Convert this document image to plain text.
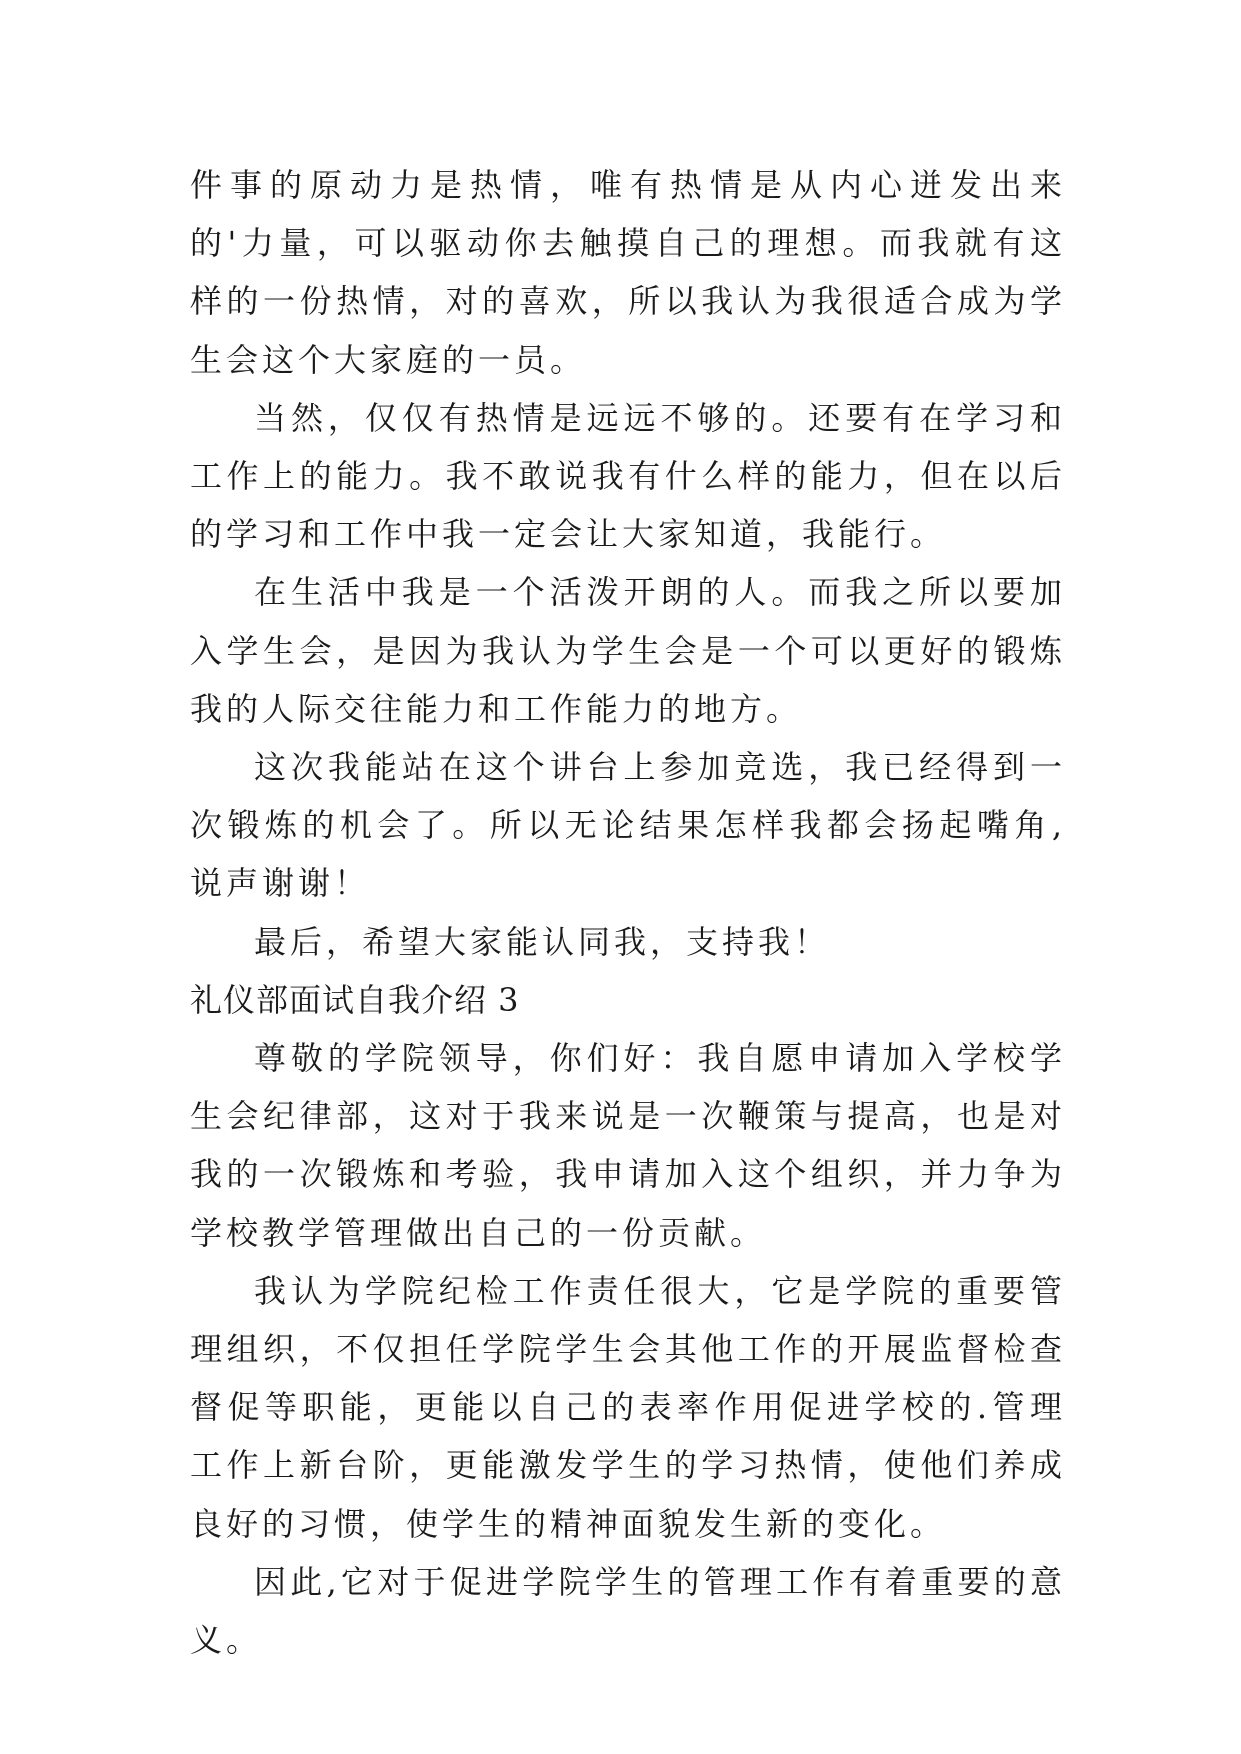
件事的原动力是热情，唯有热情是从内心迸发出来的'力量，可以驱动你去触摸自己的理想。而我就有这样的一份热情，对的喜欢，所以我认为我很适合成为学生会这个大家庭的一员。

当然，仅仅有热情是远远不够的。还要有在学习和工作上的能力。我不敢说我有什么样的能力，但在以后的学习和工作中我一定会让大家知道，我能行。

在生活中我是一个活泼开朗的人。而我之所以要加入学生会，是因为我认为学生会是一个可以更好的锻炼我的人际交往能力和工作能力的地方。

这次我能站在这个讲台上参加竞选，我已经得到一次锻炼的机会了。所以无论结果怎样我都会扬起嘴角,说声谢谢！

最后，希望大家能认同我，支持我！

礼仪部面试自我介绍 3

尊敬的学院领导，你们好：我自愿申请加入学校学生会纪律部，这对于我来说是一次鞭策与提高，也是对我的一次锻炼和考验，我申请加入这个组织，并力争为学校教学管理做出自己的一份贡献。

我认为学院纪检工作责任很大，它是学院的重要管理组织，不仅担任学院学生会其他工作的开展监督检查督促等职能，更能以自己的表率作用促进学校的.管理工作上新台阶，更能激发学生的学习热情，使他们养成良好的习惯，使学生的精神面貌发生新的变化。

因此,它对于促进学院学生的管理工作有着重要的意义。
